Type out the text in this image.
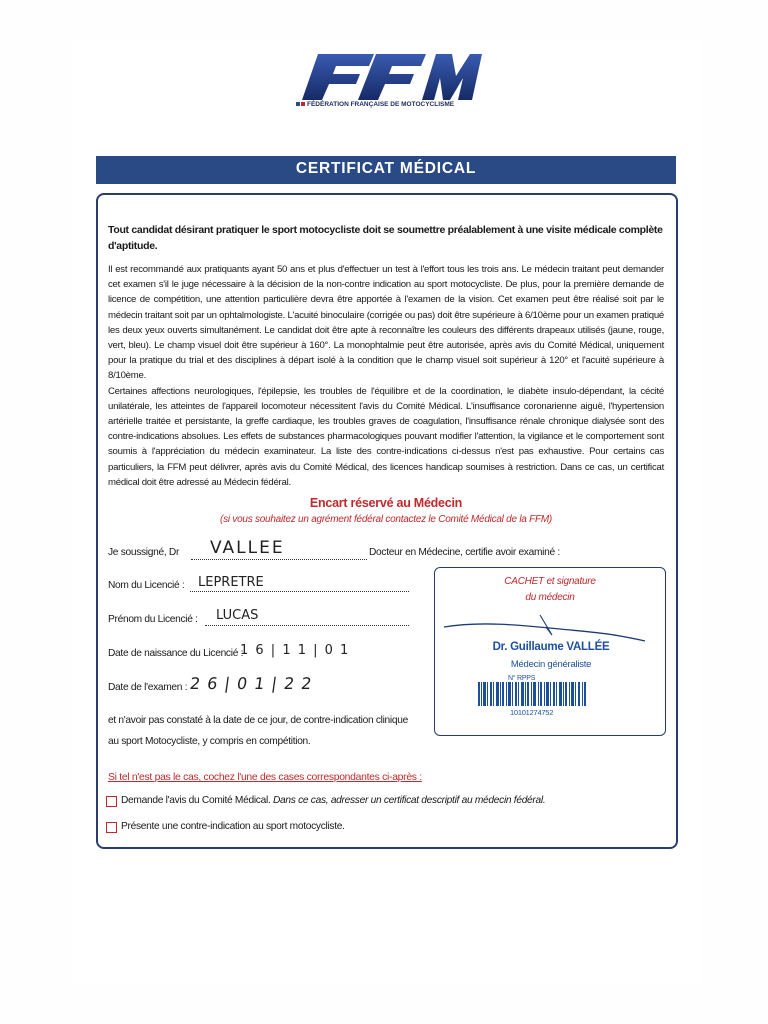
FÉDÉRATION FRANÇAISE DE MOTOCYCLISME
CERTIFICAT MÉDICAL
Tout candidat désirant pratiquer le sport motocycliste doit se soumettre préalablement à une visite médicale complète d'aptitude.

Il est recommandé aux pratiquants ayant 50 ans et plus d'effectuer un test à l'effort tous les trois ans. Le médecin traitant peut demander cet examen s'il le juge nécessaire à la décision de la non-contre indication au sport motocycliste. De plus, pour la première demande de licence de compétition, une attention particulière devra être apportée à l'examen de la vision. Cet examen peut être réalisé soit par le médecin traitant soit par un ophtalmologiste. L'acuité binoculaire (corrigée ou pas) doit être supérieure à 6/10ème pour un examen pratiqué les deux yeux ouverts simultanément. Le candidat doit être apte à reconnaître les couleurs des différents drapeaux utilisés (jaune, rouge, vert, bleu). Le champ visuel doit être supérieur à 160°. La monophtalmie peut être autorisée, après avis du Comité Médical, uniquement pour la pratique du trial et des disciplines à départ isolé à la condition que le champ visuel soit supérieur à 120° et l'acuité supérieure à 8/10ème.

Certaines affections neurologiques, l'épilepsie, les troubles de l'équilibre et de la coordination, le diabète insulo-dépendant, la cécité unilatérale, les atteintes de l'appareil locomoteur nécessitent l'avis du Comité Médical. L'insuffisance coronarienne aiguë, l'hypertension artérielle traitée et persistante, la greffe cardiaque, les troubles graves de coagulation, l'insuffisance rénale chronique dialysée sont des contre-indications absolues. Les effets de substances pharmacologiques pouvant modifier l'attention, la vigilance et le comportement sont soumis à l'appréciation du médecin examinateur. La liste des contre-indications ci-dessus n'est pas exhaustive. Pour certains cas particuliers, la FFM peut délivrer, après avis du Comité Médical, des licences handicap soumises à restriction. Dans ce cas, un certificat médical doit être adressé au Médecin fédéral.

Encart réservé au Médecin
(si vous souhaitez un agrément fédéral contactez le Comité Médical de la FFM)
Je soussigné, Dr VALLEE	Docteur en Médecine, certifie avoir examiné :
Nom du Licencié : LEPRETRE
Prénom du Licencié : LUCAS
Date de naissance du Licencié :
1 6 | 1 1 | 0 1
Date de l'examen : 2 6 | 0 1 | 2 2
et n'avoir pas constaté à la date de ce jour, de contre-indication clinique
au sport Motocycliste, y compris en compétition.
CACHET et signature
du médecin
Dr. Guillaume VALLÉE
Médecin généraliste
N° RPPS
10101274752
Si tel n'est pas le cas, cochez l'une des cases correspondantes ci-après :
Demande l'avis du Comité Médical. Dans ce cas, adresser un certificat descriptif au médecin fédéral.
Présente une contre-indication au sport motocycliste.
